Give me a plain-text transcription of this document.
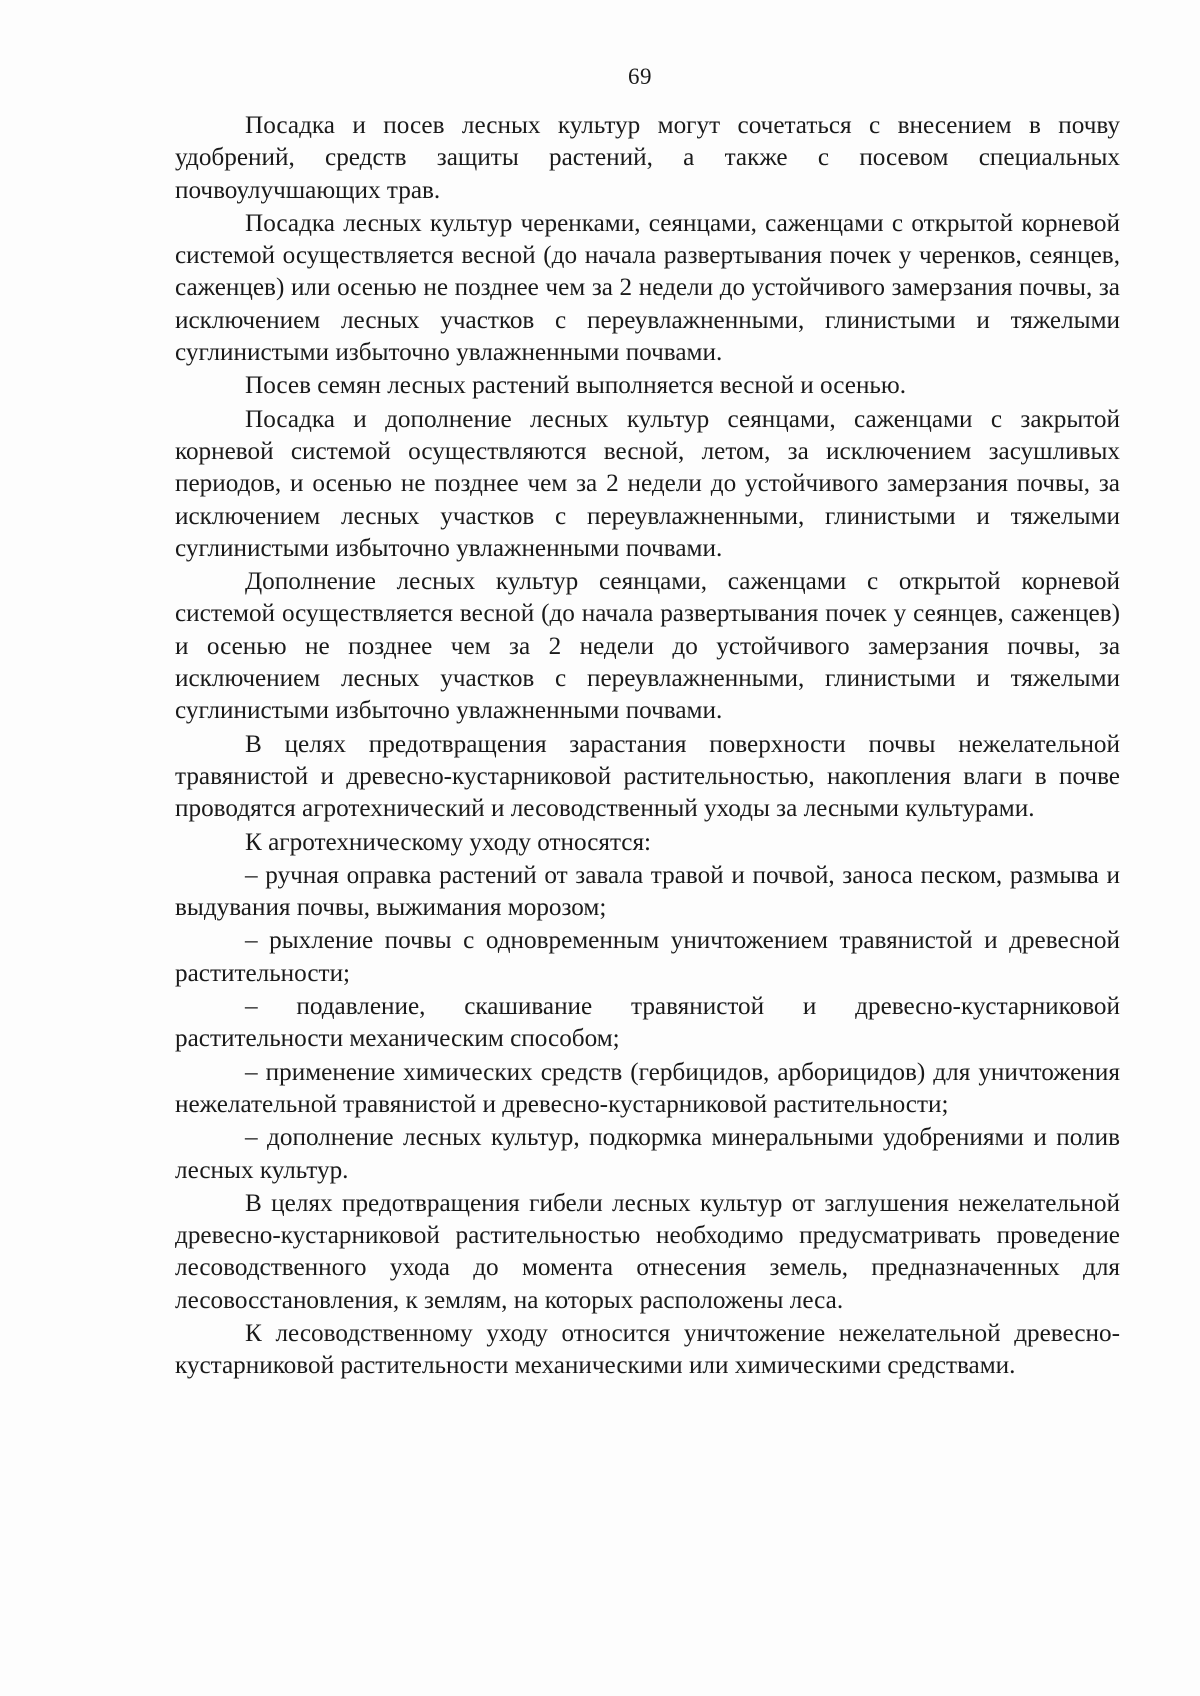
69

Посадка и посев лесных культур могут сочетаться с внесением в почву удобрений, средств защиты растений, а также с посевом специальных почвоулучшающих трав.

Посадка лесных культур черенками, сеянцами, саженцами с открытой корневой системой осуществляется весной (до начала развертывания почек у черенков, сеянцев, саженцев) или осенью не позднее чем за 2 недели до устойчивого замерзания почвы, за исключением лесных участков с переувлажненными, глинистыми и тяжелыми суглинистыми избыточно увлажненными почвами.

Посев семян лесных растений выполняется весной и осенью.

Посадка и дополнение лесных культур сеянцами, саженцами с закрытой корневой системой осуществляются весной, летом, за исключением засушливых периодов, и осенью не позднее чем за 2 недели до устойчивого замерзания почвы, за исключением лесных участков с переувлажненными, глинистыми и тяжелыми суглинистыми избыточно увлажненными почвами.

Дополнение лесных культур сеянцами, саженцами с открытой корневой системой осуществляется весной (до начала развертывания почек у сеянцев, саженцев) и осенью не позднее чем за 2 недели до устойчивого замерзания почвы, за исключением лесных участков с переувлажненными, глинистыми и тяжелыми суглинистыми избыточно увлажненными почвами.

В целях предотвращения зарастания поверхности почвы нежелательной травянистой и древесно-кустарниковой растительностью, накопления влаги в почве проводятся агротехнический и лесоводственный уходы за лесными культурами.

К агротехническому уходу относятся:

– ручная оправка растений от завала травой и почвой, заноса песком, размыва и выдувания почвы, выжимания морозом;

– рыхление почвы с одновременным уничтожением травянистой и древесной растительности;

– подавление, скашивание травянистой и древесно-кустарниковой растительности механическим способом;

– применение химических средств (гербицидов, арборицидов) для уничтожения нежелательной травянистой и древесно-кустарниковой растительности;

– дополнение лесных культур, подкормка минеральными удобрениями и полив лесных культур.

В целях предотвращения гибели лесных культур от заглушения нежелательной древесно-кустарниковой растительностью необходимо предусматривать проведение лесоводственного ухода до момента отнесения земель, предназначенных для лесовосстановления, к землям, на которых расположены леса.

К лесоводственному уходу относится уничтожение нежелательной древесно-кустарниковой растительности механическими или химическими средствами.
